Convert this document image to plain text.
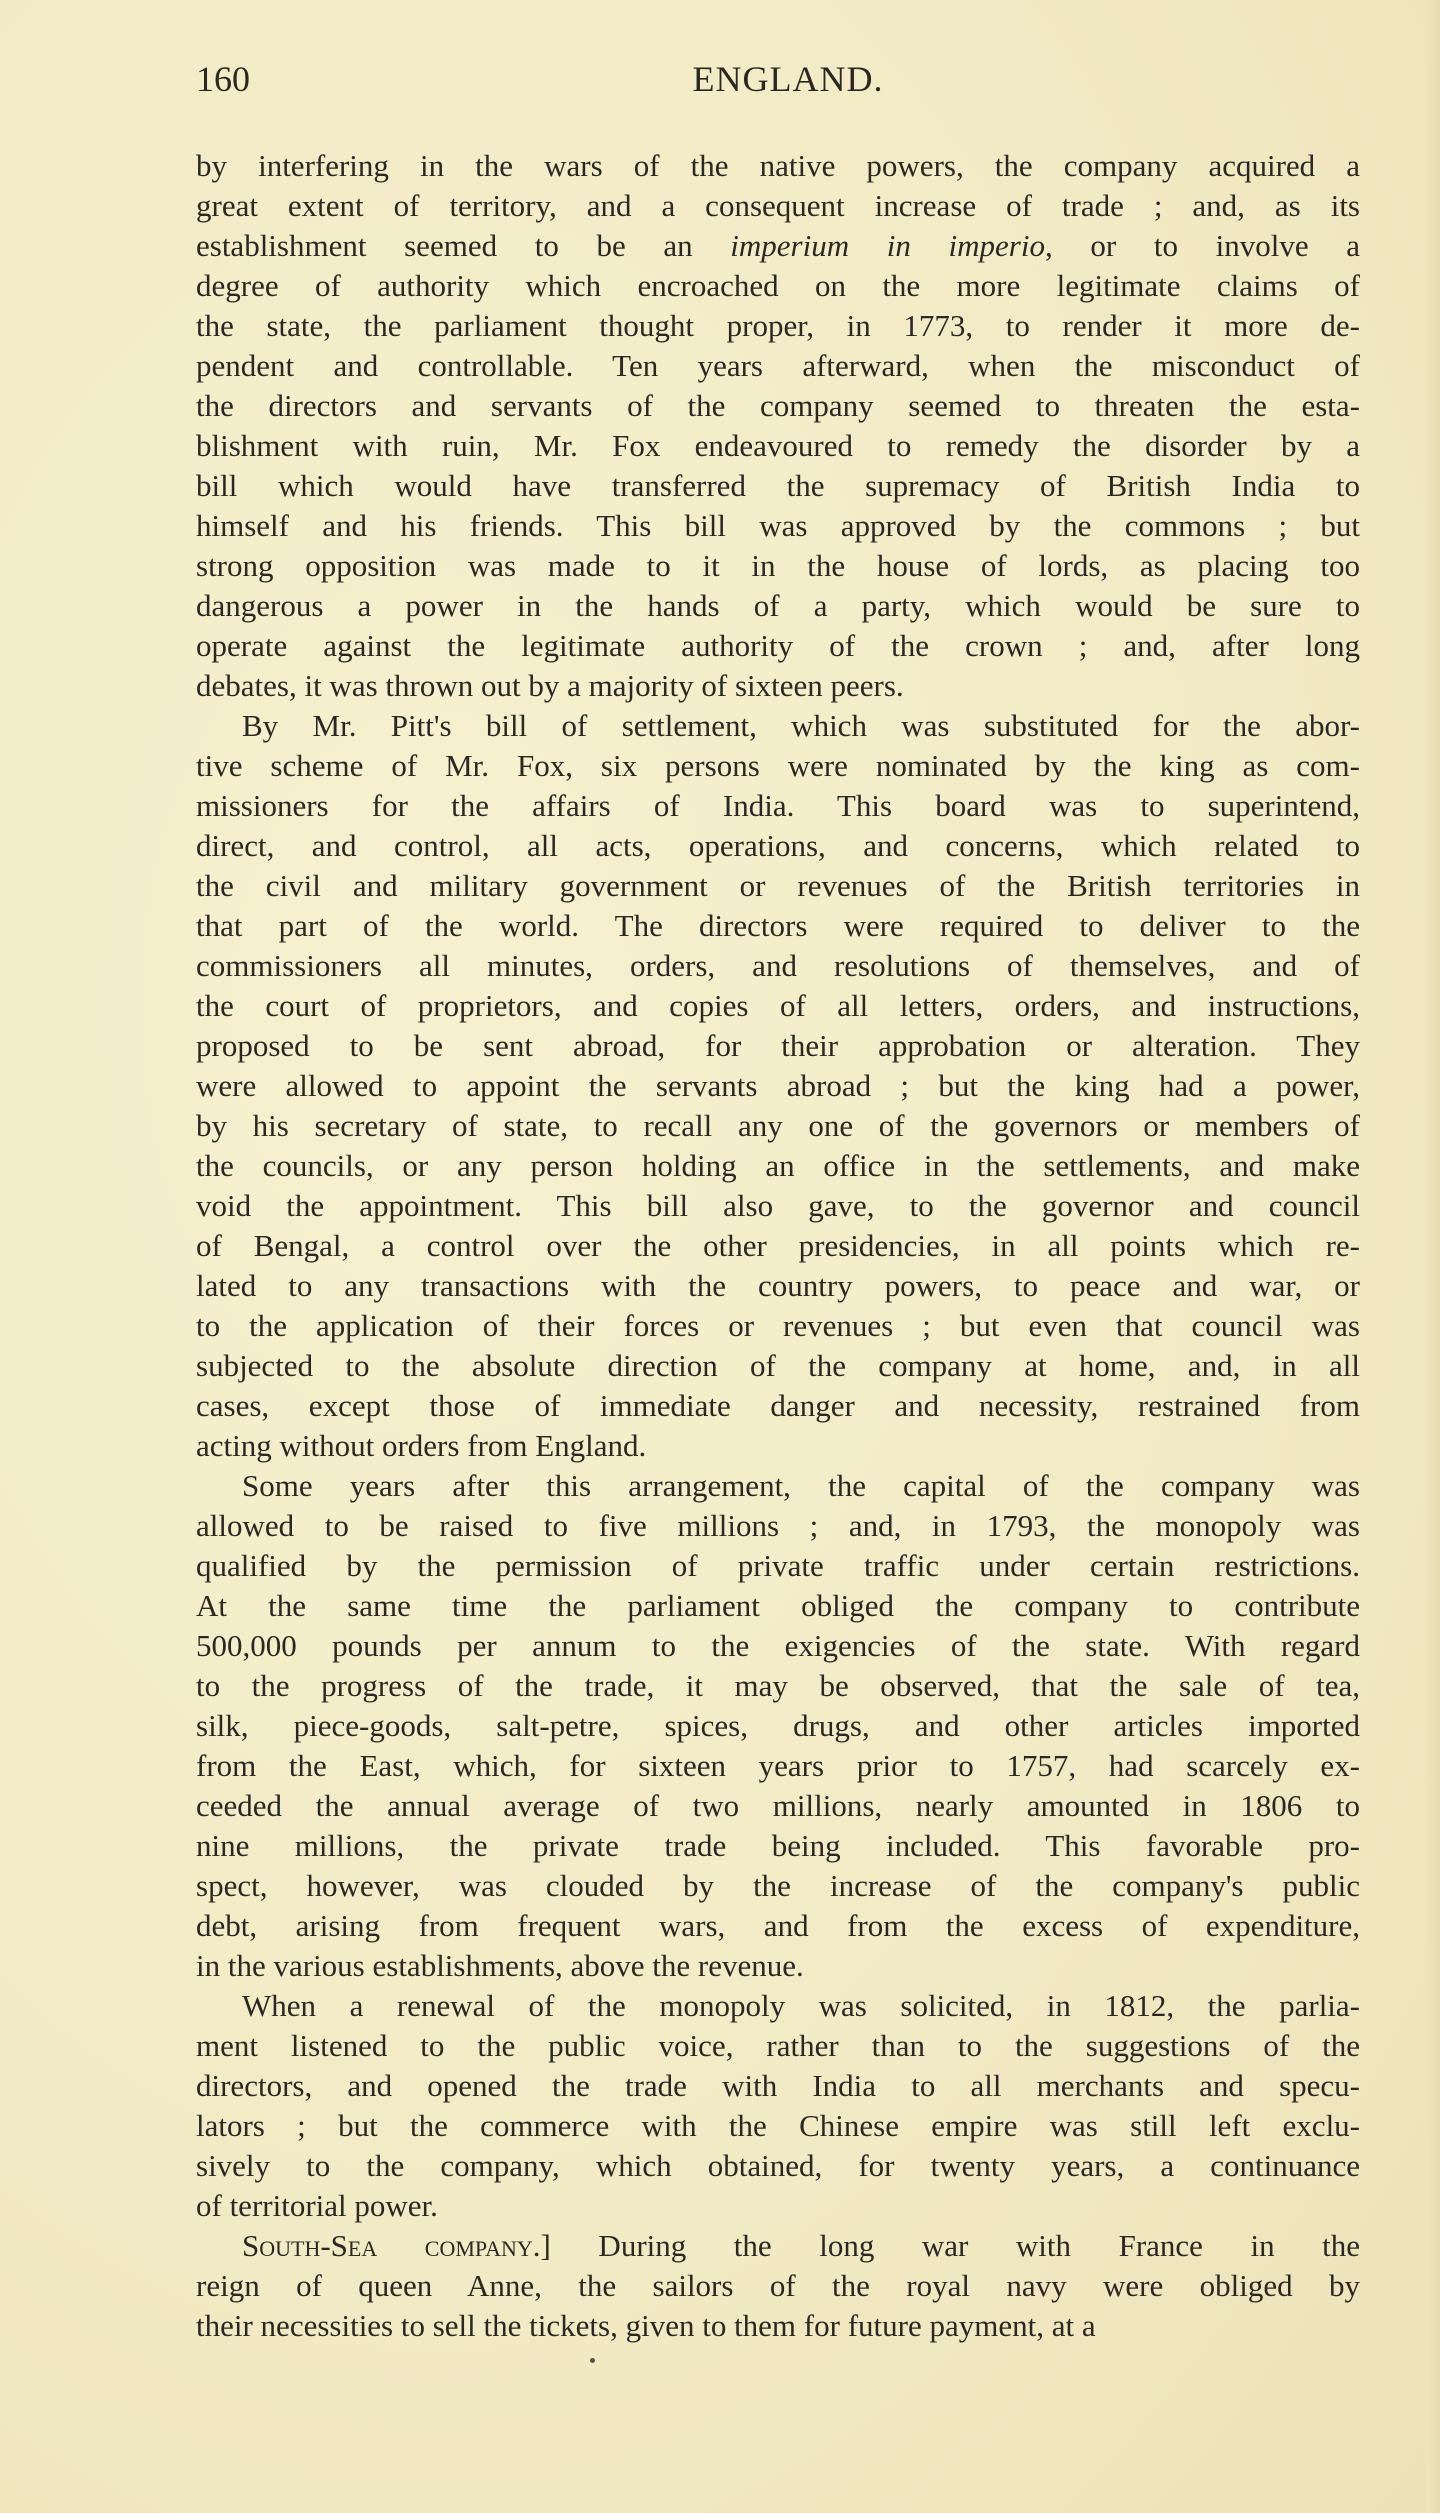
160	ENGLAND.
by interfering in the wars of the native powers, the company acquired a
great extent of territory, and a consequent increase of trade ; and, as its
establishment seemed to be an imperium in imperio, or to involve a
degree of authority which encroached on the more legitimate claims of
the state, the parliament thought proper, in 1773, to render it more de-
pendent and controllable. Ten years afterward, when the misconduct of
the directors and servants of the company seemed to threaten the esta-
blishment with ruin, Mr. Fox endeavoured to remedy the disorder by a
bill which would have transferred the supremacy of British India to
himself and his friends. This bill was approved by the commons ; but
strong opposition was made to it in the house of lords, as placing too
dangerous a power in the hands of a party, which would be sure to
operate against the legitimate authority of the crown ; and, after long
debates, it was thrown out by a majority of sixteen peers.
By Mr. Pitt's bill of settlement, which was substituted for the abor-
tive scheme of Mr. Fox, six persons were nominated by the king as com-
missioners for the affairs of India. This board was to superintend,
direct, and control, all acts, operations, and concerns, which related to
the civil and military government or revenues of the British territories in
that part of the world. The directors were required to deliver to the
commissioners all minutes, orders, and resolutions of themselves, and of
the court of proprietors, and copies of all letters, orders, and instructions,
proposed to be sent abroad, for their approbation or alteration. They
were allowed to appoint the servants abroad ; but the king had a power,
by his secretary of state, to recall any one of the governors or members of
the councils, or any person holding an office in the settlements, and make
void the appointment. This bill also gave, to the governor and council
of Bengal, a control over the other presidencies, in all points which re-
lated to any transactions with the country powers, to peace and war, or
to the application of their forces or revenues ; but even that council was
subjected to the absolute direction of the company at home, and, in all
cases, except those of immediate danger and necessity, restrained from
acting without orders from England.
Some years after this arrangement, the capital of the company was
allowed to be raised to five millions ; and, in 1793, the monopoly was
qualified by the permission of private traffic under certain restrictions.
At the same time the parliament obliged the company to contribute
500,000 pounds per annum to the exigencies of the state. With regard
to the progress of the trade, it may be observed, that the sale of tea,
silk, piece-goods, salt-petre, spices, drugs, and other articles imported
from the East, which, for sixteen years prior to 1757, had scarcely ex-
ceeded the annual average of two millions, nearly amounted in 1806 to
nine millions, the private trade being included. This favorable pro-
spect, however, was clouded by the increase of the company's public
debt, arising from frequent wars, and from the excess of expenditure,
in the various establishments, above the revenue.
When a renewal of the monopoly was solicited, in 1812, the parlia-
ment listened to the public voice, rather than to the suggestions of the
directors, and opened the trade with India to all merchants and specu-
lators ; but the commerce with the Chinese empire was still left exclu-
sively to the company, which obtained, for twenty years, a continuance
of territorial power.
South-Sea company.] During the long war with France in the
reign of queen Anne, the sailors of the royal navy were obliged by
their necessities to sell the tickets, given to them for future payment, at a
